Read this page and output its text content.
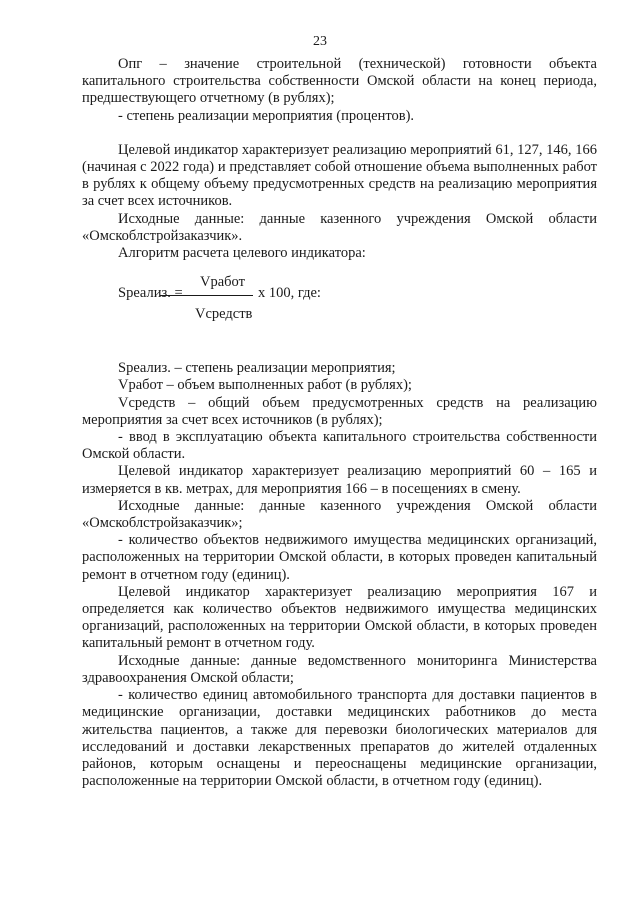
23

Опг – значение строительной (технической) готовности объекта капитального строительства собственности Омской области на конец периода, предшествующего отчетному (в рублях);

- степень реализации мероприятия (процентов).

Целевой индикатор характеризует реализацию мероприятий 61, 127, 146, 166 (начиная с 2022 года) и представляет собой отношение объема выполненных работ в рублях к общему объему предусмотренных средств на реализацию мероприятия за счет всех источников.

Исходные данные: данные казенного учреждения Омской области «Омскоблстройзаказчик».

Алгоритм расчета целевого индикатора:

Vработ
Sреализ. =	x 100, где:
Vсредств

Sреализ. – степень реализации мероприятия;

Vработ – объем выполненных работ (в рублях);

Vсредств – общий объем предусмотренных средств на реализацию мероприятия за счет всех источников (в рублях);

- ввод в эксплуатацию объекта капитального строительства собственности Омской области.

Целевой индикатор характеризует реализацию мероприятий 60 – 165 и измеряется в кв. метрах, для мероприятия 166 – в посещениях в смену.

Исходные данные: данные казенного учреждения Омской области «Омскоблстройзаказчик»;

- количество объектов недвижимого имущества медицинских организаций, расположенных на территории Омской области, в которых проведен капитальный ремонт в отчетном году (единиц).

Целевой индикатор характеризует реализацию мероприятия 167 и определяется как количество объектов недвижимого имущества медицинских организаций, расположенных на территории Омской области, в которых проведен капитальный ремонт в отчетном году.

Исходные данные: данные ведомственного мониторинга Министерства здравоохранения Омской области;

- количество единиц автомобильного транспорта для доставки пациентов в медицинские организации, доставки медицинских работников до места жительства пациентов, а также для перевозки биологических материалов для исследований и доставки лекарственных препаратов до жителей отдаленных районов, которым оснащены и переоснащены медицинские организации, расположенные на территории Омской области, в отчетном году (единиц).
